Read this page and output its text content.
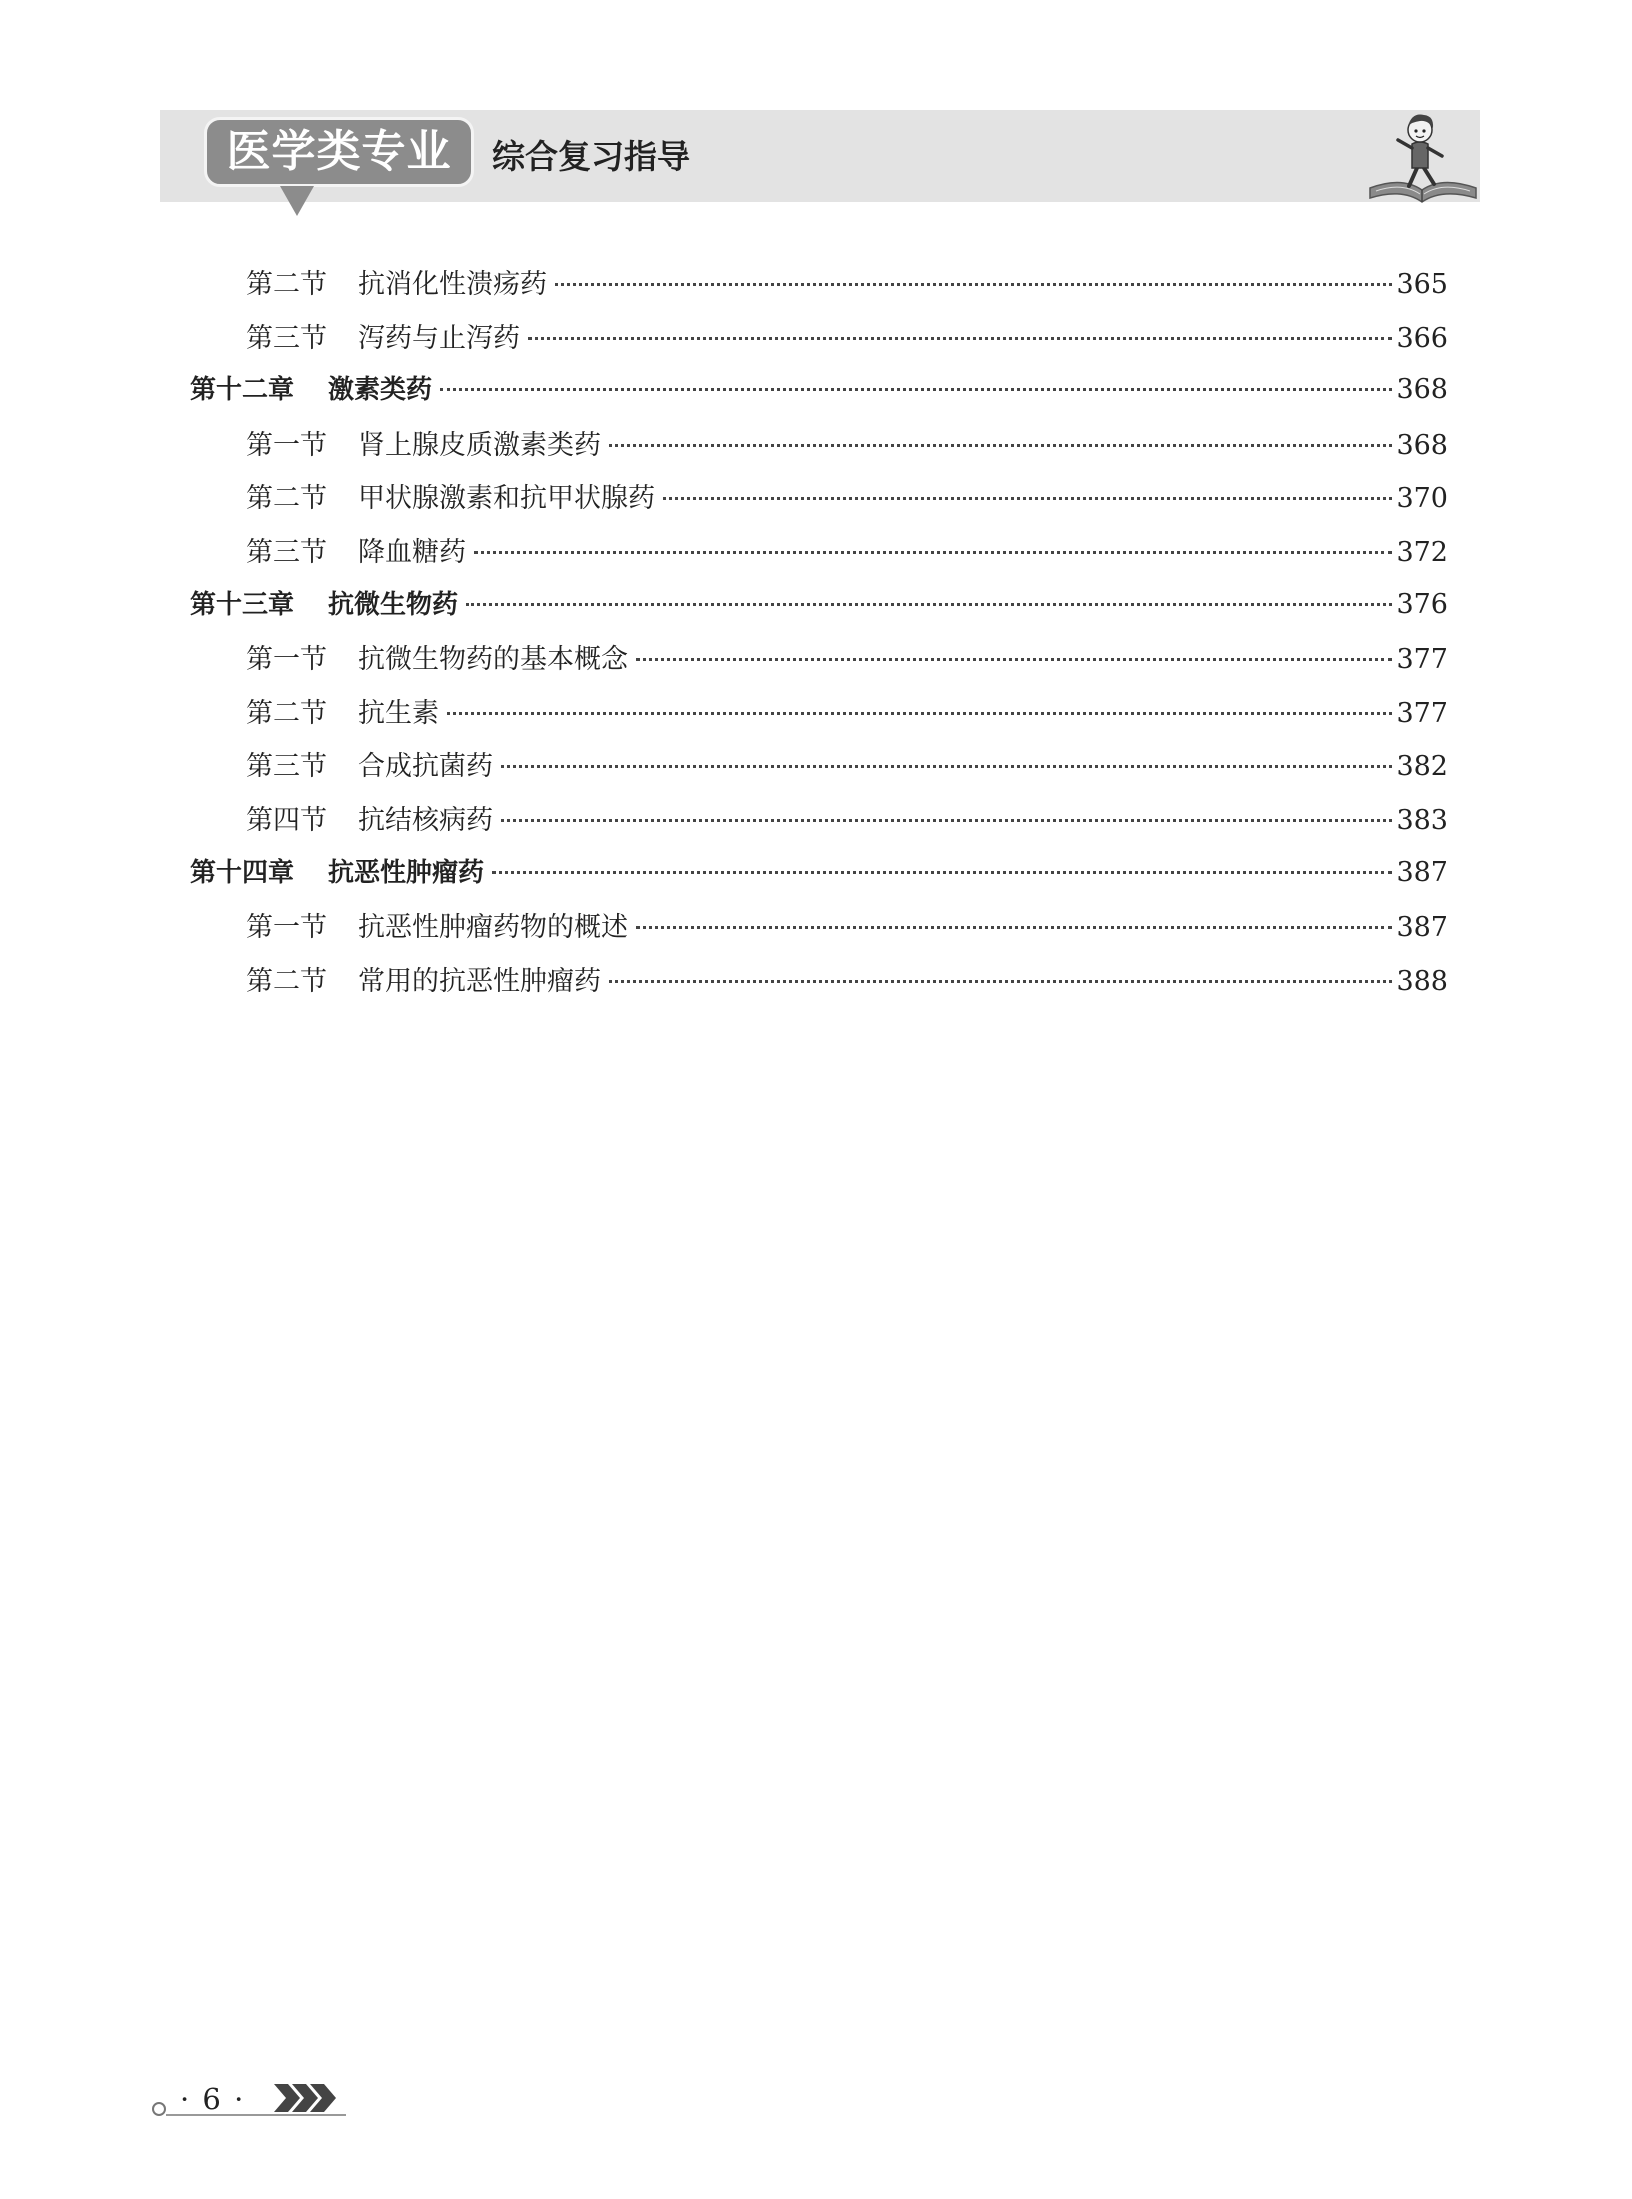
医学类专业	综合复习指导
第二节	抗消化性溃疡药	365
第三节	泻药与止泻药	366
第十二章	激素类药	368
第一节	肾上腺皮质激素类药	368
第二节	甲状腺激素和抗甲状腺药	370
第三节	降血糖药	372
第十三章	抗微生物药	376
第一节	抗微生物药的基本概念	377
第二节	抗生素	377
第三节	合成抗菌药	382
第四节	抗结核病药	383
第十四章	抗恶性肿瘤药	387
第一节	抗恶性肿瘤药物的概述	387
第二节	常用的抗恶性肿瘤药	388
· 6 ·
